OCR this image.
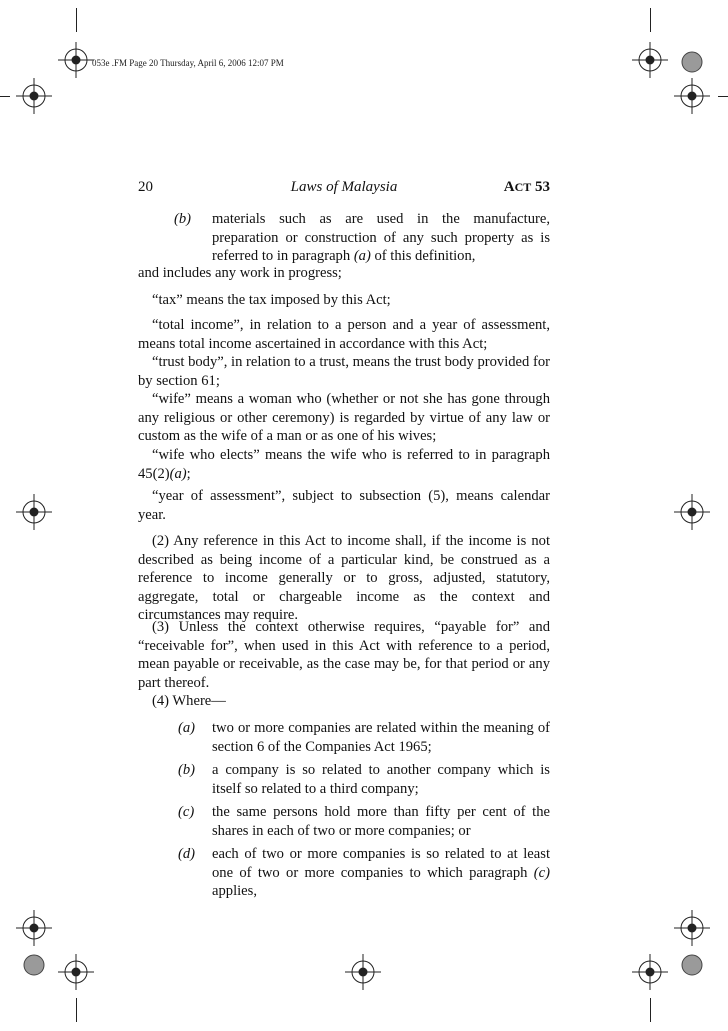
053e .FM Page 20 Thursday, April 6, 2006 12:07 PM
20	Laws of Malaysia	ACT 53
(b) materials such as are used in the manufacture, preparation or construction of any such property as is referred to in paragraph (a) of this definition,
and includes any work in progress;
“tax” means the tax imposed by this Act;
“total income”, in relation to a person and a year of assessment, means total income ascertained in accordance with this Act;
“trust body”, in relation to a trust, means the trust body provided for by section 61;
“wife” means a woman who (whether or not she has gone through any religious or other ceremony) is regarded by virtue of any law or custom as the wife of a man or as one of his wives;
“wife who elects” means the wife who is referred to in paragraph 45(2)(a);
“year of assessment”, subject to subsection (5), means calendar year.
(2) Any reference in this Act to income shall, if the income is not described as being income of a particular kind, be construed as a reference to income generally or to gross, adjusted, statutory, aggregate, total or chargeable income as the context and circumstances may require.
(3) Unless the context otherwise requires, “payable for” and “receivable for”, when used in this Act with reference to a period, mean payable or receivable, as the case may be, for that period or any part thereof.
(4) Where—
(a) two or more companies are related within the meaning of section 6 of the Companies Act 1965;
(b) a company is so related to another company which is itself so related to a third company;
(c) the same persons hold more than fifty per cent of the shares in each of two or more companies; or
(d) each of two or more companies is so related to at least one of two or more companies to which paragraph (c) applies,
